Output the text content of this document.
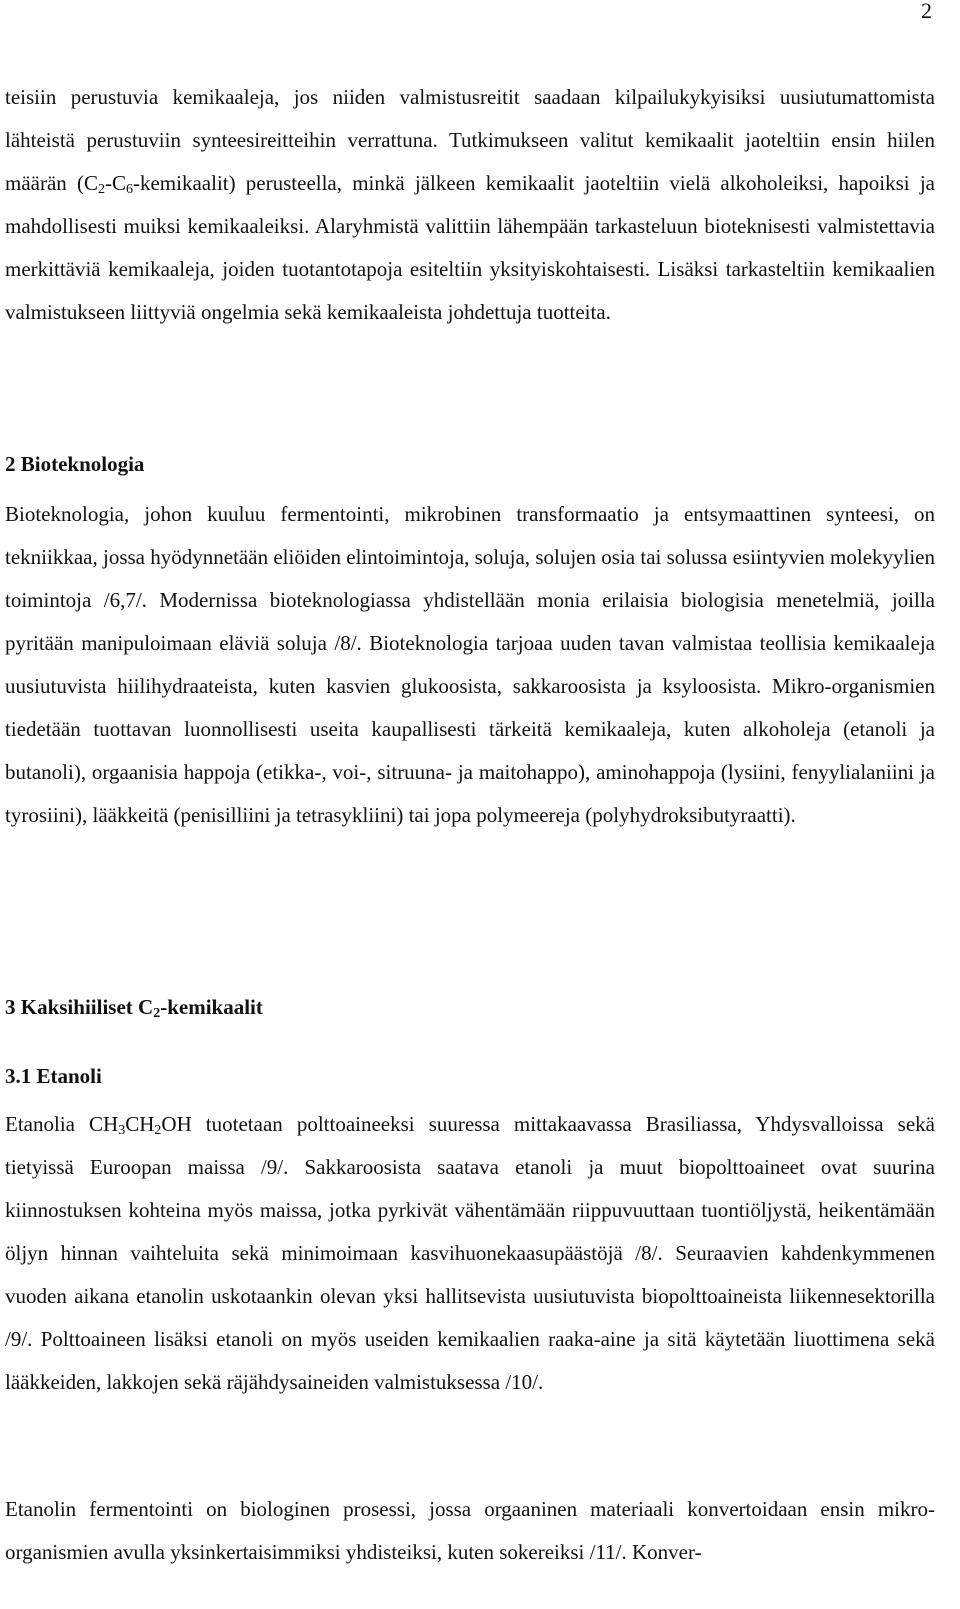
2

teisiin perustuvia kemikaaleja, jos niiden valmistusreitit saadaan kilpailukykyisiksi uusiutumattomista lähteistä perustuviin synteesireitteihin verrattuna. Tutkimukseen valitut kemikaalit jaoteltiin ensin hiilen määrän $(C_2-C_6-kemikaalit)$ perusteella, minkä jälkeen kemikaalit jaoteltiin vielä alkoholeiksi, hapoiksi ja mahdollisesti muiksi kemikaaleiksi. Alaryhmistä valittiin lähempään tarkasteluun bioteknisesti valmistettavia merkittäviä kemikaaleja, joiden tuotantotapoja esiteltiin yksityiskohtaisesti. Lisäksi tarkasteltiin kemikaalien valmistukseen liittyviä ongelmia sekä kemikaaleista johdettuja tuotteita.

2 Bioteknologia

Bioteknologia, johon kuuluu fermentointi, mikrobinen transformaatio ja entsymaattinen synteesi, on tekniikkaa, jossa hyödynnetään eliöiden elintoimintoja, soluja, solujen osia tai solussa esiintyvien molekyylien toimintoja /6,7/. Modernissa bioteknologiassa yhdistellään monia erilaisia biologisia menetelmiä, joilla pyritään manipuloimaan eläviä soluja /8/. Bioteknologia tarjoaa uuden tavan valmistaa teollisia kemikaaleja uusiutuvista hiilihydraateista, kuten kasvien glukoosista, sakkaroosista ja ksyloosista. Mikro-organismien tiedetään tuottavan luonnollisesti useita kaupallisesti tärkeitä kemikaaleja, kuten alkoholeja (etanoli ja butanoli), orgaanisia happoja (etikka-, voi-, sitruuna- ja maitohappo), aminohappoja (lysiini, fenyylialaniini ja tyrosiini), lääkkeitä (penisilliini ja tetrasykliini) tai jopa polymeereja (polyhydroksibutyraatti).

3 Kaksihiiliset $C_2$-kemikaalit
3.1 Etanoli

Etanolia $CH_3CH_2OH$ tuotetaan polttoaineeksi suuressa mittakaavassa Brasiliassa, Yhdysvalloissa sekä tietyissä Euroopan maissa /9/. Sakkaroosista saatava etanoli ja muut biopolttoaineet ovat suurina kiinnostuksen kohteina myös maissa, jotka pyrkivät vähentämään riippuvuuttaan tuontiöljystä, heikentämään öljyn hinnan vaihteluita sekä minimoimaan kasvihuonekaasupäästöjä /8/. Seuraavien kahdenkymmenen vuoden aikana etanolin uskotaankin olevan yksi hallitsevista uusiutuvista biopolttoaineista liikennesektorilla /9/. Polttoaineen lisäksi etanoli on myös useiden kemikaalien raaka-aine ja sitä käytetään liuottimena sekä lääkkeiden, lakkojen sekä räjähdysaineiden valmistuksessa /10/.

Etanolin fermentointi on biologinen prosessi, jossa orgaaninen materiaali konvertoidaan ensin mikro-organismien avulla yksinkertaisimmiksi yhdisteiksi, kuten sokereiksi /11/. Konver-
